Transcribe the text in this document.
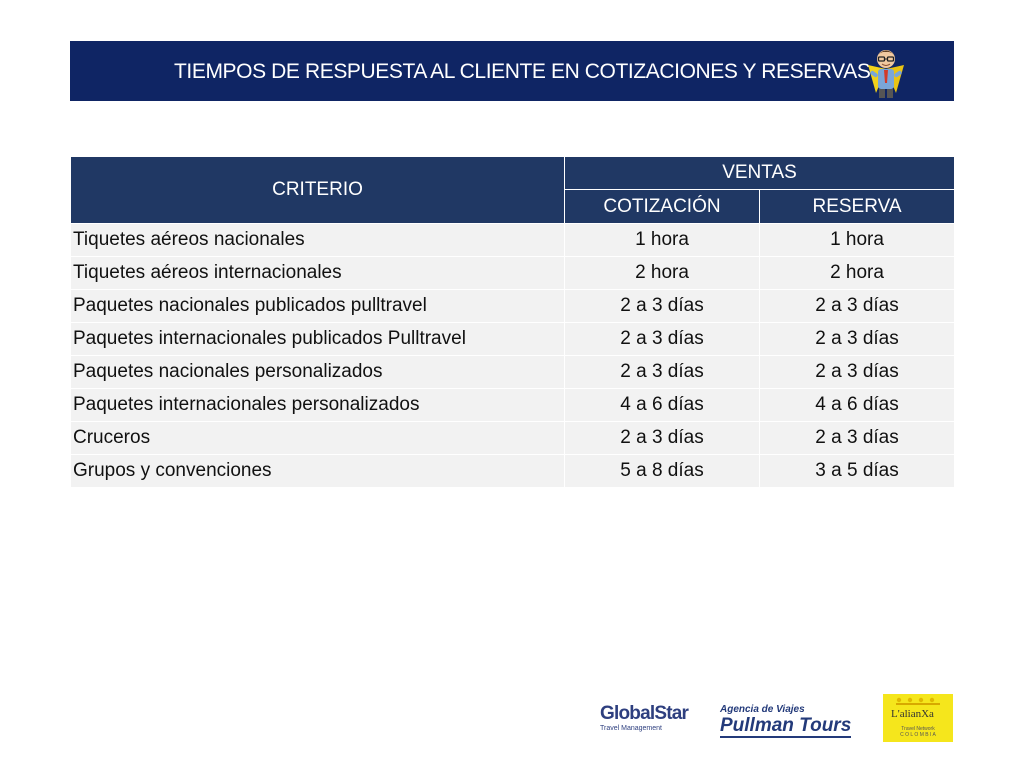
TIEMPOS DE RESPUESTA AL CLIENTE EN COTIZACIONES Y RESERVAS
CRITERIO	VENTAS	
	COTIZACIÓN	RESERVA
Tiquetes aéreos nacionales	1 hora	1 hora
Tiquetes aéreos internacionales	2 hora	2 hora
Paquetes nacionales publicados pulltravel	2 a 3 días	2 a 3 días
Paquetes internacionales publicados Pulltravel	2 a 3 días	2 a 3 días
Paquetes nacionales personalizados	2 a 3 días	2 a 3 días
Paquetes internacionales personalizados	4 a 6 días	4 a 6 días
Cruceros	2 a 3 días	2 a 3 días
Grupos y convenciones	5 a 8 días	3 a 5 días
GlobalStar
Travel Management
Agencia de Viajes
Pullman Tours
L'alianXa
Travel Network
C O L O M B I A
